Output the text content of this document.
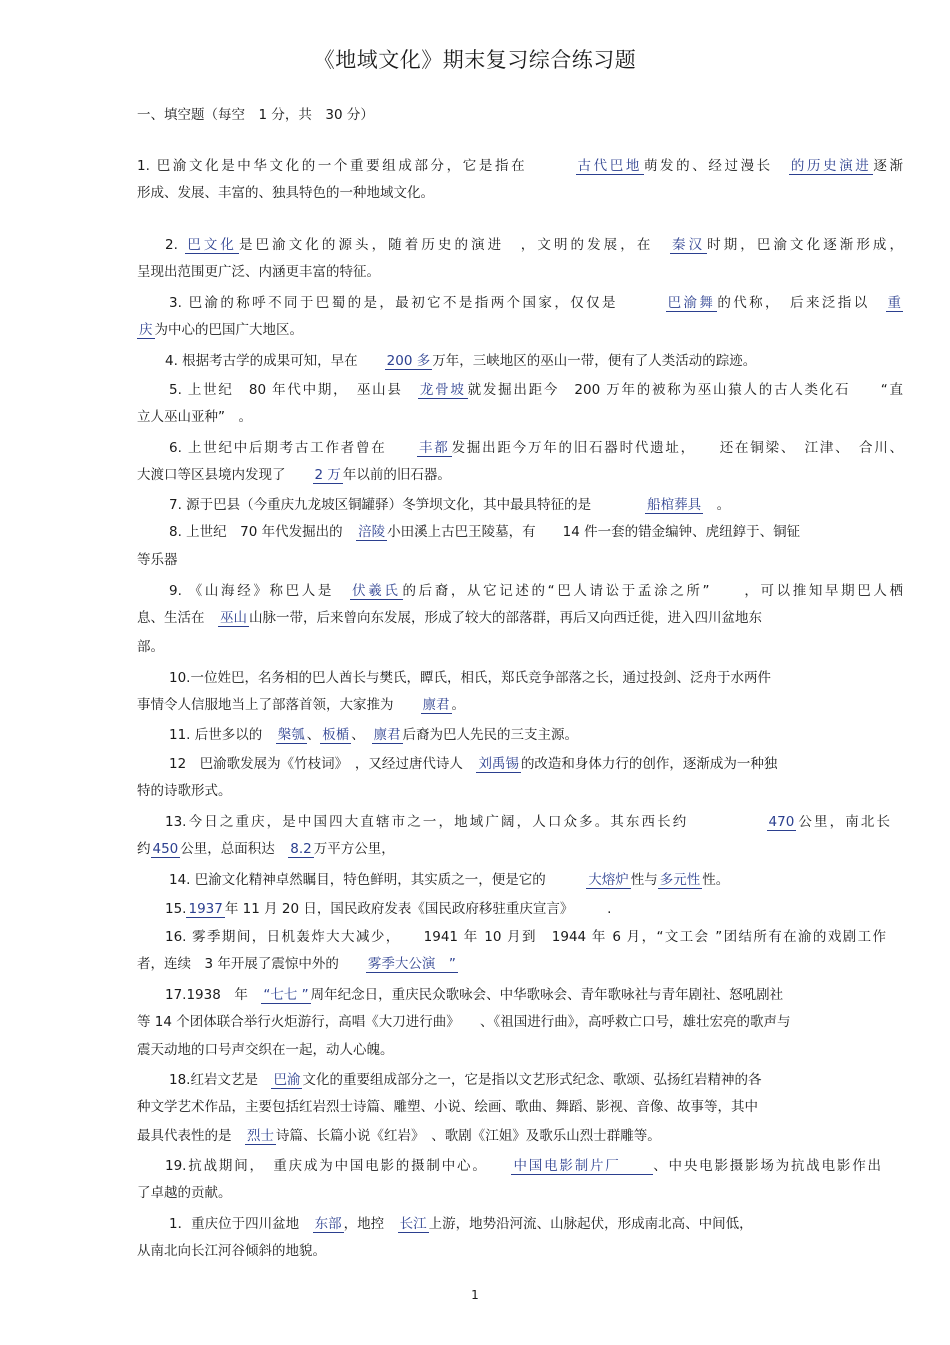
《地域文化》期末复习综合练习题
一、填空题（每空　1 分，共　30 分）
1. 巴渝文化是中华文化的一个重要组成部分，它是指在　　　古代巴地 萌发的、经过漫长　的历史演进 逐渐
形成、发展、丰富的、独具特色的一种地域文化。
2. 巴文化 是巴渝文化的源头，随着历史的演进　，文明的发展，在　秦汉 时期，巴渝文化逐渐形成，
呈现出范围更广泛、内涵更丰富的特征。
3. 巴渝的称呼不同于巴蜀的是，最初它不是指两个国家，仅仅是　　　巴渝舞 的代称，　后来泛指以　重
庆 为中心的巴国广大地区。
4. 根据考古学的成果可知，早在　　200 多 万年，三峡地区的巫山一带，便有了人类活动的踪迹。
5. 上世纪　80 年代中期，　巫山县　龙骨坡 就发掘出距今　200 万年的被称为巫山猿人的古人类化石　　“直
立人巫山亚种”　。
6. 上世纪中后期考古工作者曾在　　丰都 发掘出距今万年的旧石器时代遗址，　　还在铜梁、　江津、　合川、
大渡口等区县境内发现了　　2 万 年以前的旧石器。
7. 源于巴县（今重庆九龙坡区铜罐驿）冬笋坝文化，其中最具特征的是　　　　船棺葬具　。
8. 上世纪　70 年代发掘出的　涪陵 小田溪上古巴王陵墓，有　　14 件一套的错金编钟、虎纽錞于、铜钲
等乐器
9. 《山海经》称巴人是　伏羲氏 的后裔，从它记述的“巴人请讼于孟涂之所”　　，可以推知早期巴人栖
息、生活在　巫山 山脉一带，后来曾向东发展，形成了较大的部落群，再后又向西迁徙，进入四川盆地东
部。
10.一位姓巴，名务相的巴人酋长与樊氏，瞫氏，相氏，郑氏竞争部落之长，通过投剑、泛舟于水两件
事情令人信服地当上了部落首领，大家推为　　廪君 。
11. 后世多以的　槃瓠 、 板楯 、　廪君 后裔为巴人先民的三支主源。
12　巴渝歌发展为《竹枝词》　，又经过唐代诗人　刘禹锡 的改造和身体力行的创作，逐渐成为一种独
特的诗歌形式。
13.今日之重庆，是中国四大直辖市之一，地域广阔，人口众多。其东西长约　　　　　470 公里，南北长
约 450 公里，总面积达　8.2 万平方公里，
14. 巴渝文化精神卓然瞩目，特色鲜明，其实质之一，便是它的　　　大熔炉 性与 多元性 性。
15. 1937 年 11 月 20 日，国民政府发表《国民政府移驻重庆宣言》　　　.
16. 雾季期间，日机轰炸大大减少，　　1941 年 10 月到　1944 年 6 月，“文工会 ”团结所有在渝的戏剧工作
者，连续　3 年开展了震惊中外的　　雾季大公演　”
17.1938　年　“七七 ” 周年纪念日，重庆民众歌咏会、中华歌咏会、青年歌咏社与青年剧社、怒吼剧社
等 14 个团体联合举行火炬游行，高唱《大刀进行曲》　　、《祖国进行曲》，高呼救亡口号，雄壮宏亮的歌声与
震天动地的口号声交织在一起，动人心魄。
18.红岩文艺是　巴渝 文化的重要组成部分之一，它是指以文艺形式纪念、歌颂、弘扬红岩精神的各
种文学艺术作品，主要包括红岩烈士诗篇、雕塑、小说、绘画、歌曲、舞蹈、影视、音像、故事等，其中
最具代表性的是　烈士 诗篇、长篇小说《红岩》　、歌剧《江姐》及歌乐山烈士群雕等。
19.抗战期间，　重庆成为中国电影的摄制中心。　　中国电影制片厂　　、中央电影摄影场为抗战电影作出
了卓越的贡献。
1．重庆位于四川盆地　东部 ，地控　长江 上游，地势沿河流、山脉起伏，形成南北高、中间低，
从南北向长江河谷倾斜的地貌。
1
